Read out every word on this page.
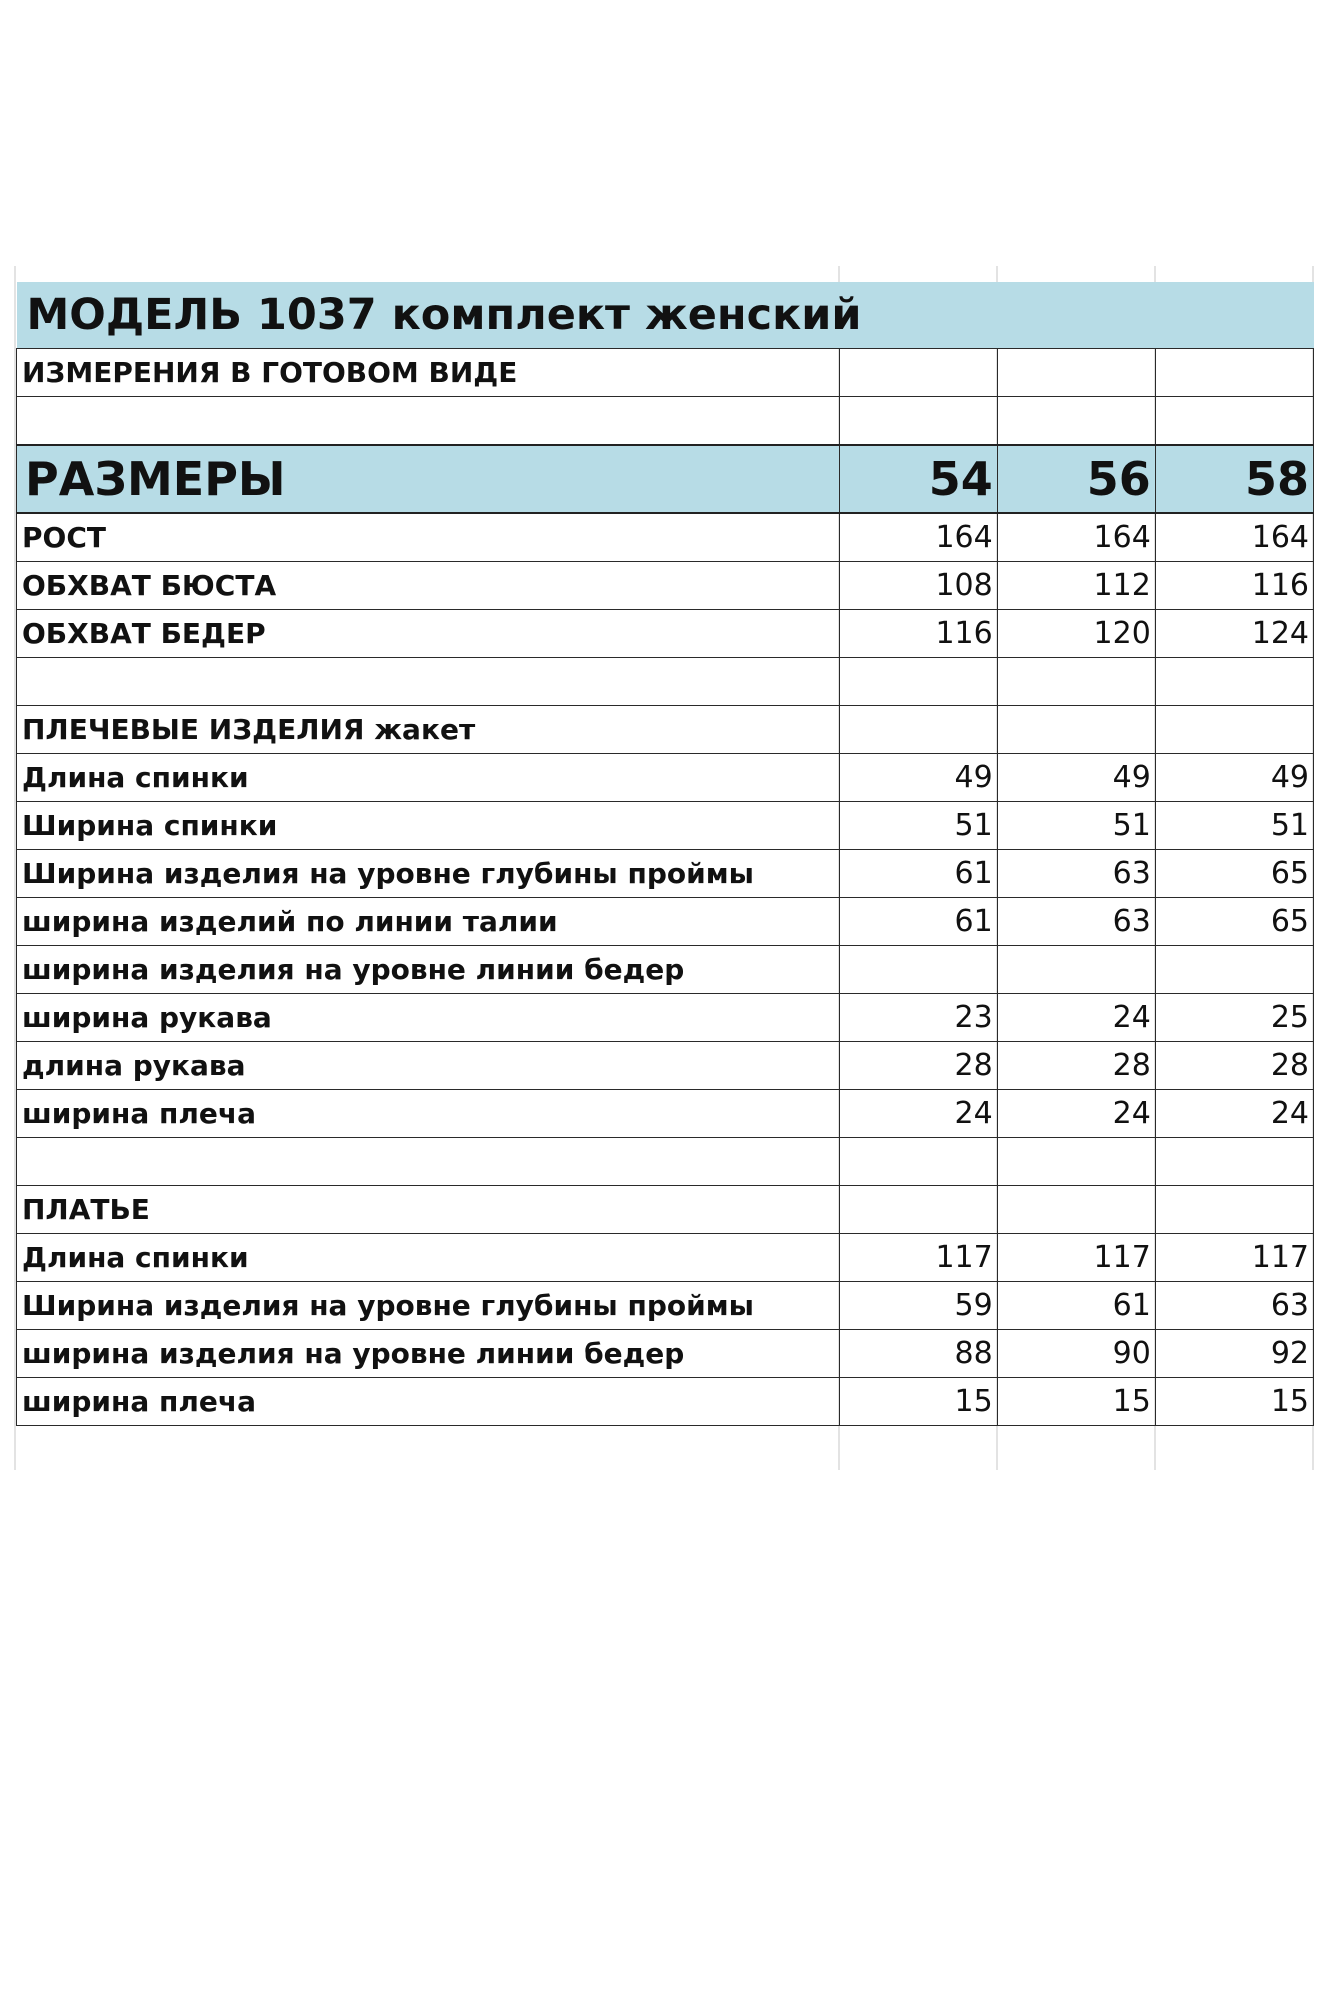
МОДЕЛЬ 1037 комплект женский			
ИЗМЕРЕНИЯ В ГОТОВОМ ВИДЕ			

РАЗМЕРЫ	54	56	58
РОСТ	164	164	164
ОБХВАТ БЮСТА	108	112	116
ОБХВАТ БЕДЕР	116	120	124

ПЛЕЧЕВЫЕ ИЗДЕЛИЯ жакет			
Длина спинки	49	49	49
Ширина спинки	51	51	51
Ширина изделия на уровне глубины проймы	61	63	65
ширина изделий по линии талии	61	63	65
ширина изделия на уровне линии бедер			
ширина рукава	23	24	25
длина рукава	28	28	28
ширина плеча	24	24	24

ПЛАТЬЕ			
Длина спинки	117	117	117
Ширина изделия на уровне глубины проймы	59	61	63
ширина изделия на уровне линии бедер	88	90	92
ширина плеча	15	15	15
